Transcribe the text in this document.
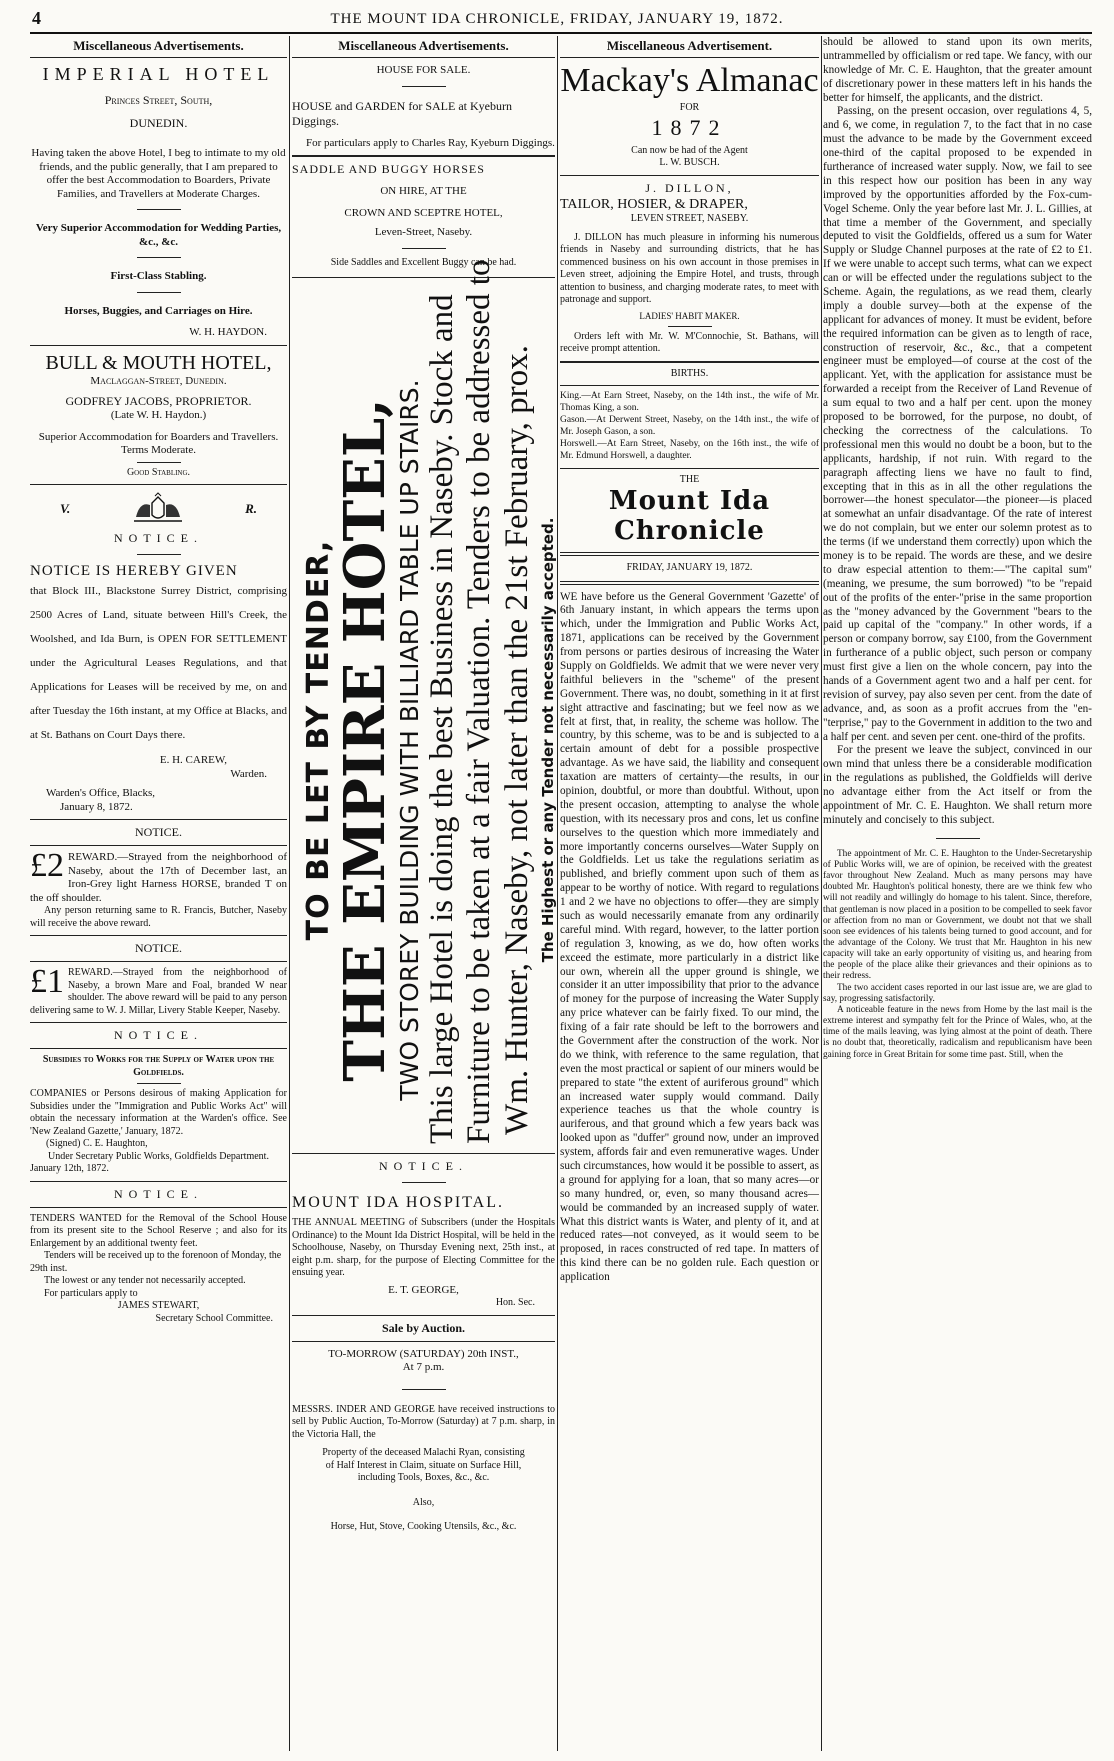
4	THE MOUNT IDA CHRONICLE, FRIDAY, JANUARY 19, 1872.
Miscellaneous Advertisements.
IMPERIAL HOTEL
Princes Street, South,
DUNEDIN.

Having taken the above Hotel, I beg to intimate to my old friends, and the public generally, that I am prepared to offer the best Accommodation to Boarders, Private Families, and Travellers at Moderate Charges.

Very Superior Accommodation for Wedding Parties, &c., &c.

First-Class Stabling.

Horses, Buggies, and Carriages on Hire.

W. H. HAYDON.

BULL & MOUTH HOTEL,
Maclaggan-Street, Dunedin.
GODFREY JACOBS, PROPRIETOR.
(Late W. H. Haydon.)

Superior Accommodation for Boarders and Travellers. Terms Moderate.

Good Stabling.
V.	R.
NOTICE.
NOTICE IS HEREBY GIVEN

that Block III., Blackstone Surrey District, comprising 2500 Acres of Land, situate between Hill's Creek, the Woolshed, and Ida Burn, is OPEN FOR SETTLEMENT under the Agricultural Leases Regulations, and that Applications for Leases will be received by me, on and after Tuesday the 16th instant, at my Office at Blacks, and at St. Bathans on Court Days there.

E. H. CAREW,

Warden.

Warden's Office, Blacks,

January 8, 1872.

NOTICE.

£2 REWARD.—Strayed from the neighborhood of Naseby, about the 17th of December last, an Iron-Grey light Harness HORSE, branded T on the off shoulder.

Any person returning same to R. Francis, Butcher, Naseby will receive the above reward.

NOTICE.

£1 REWARD.—Strayed from the neighborhood of Naseby, a brown Mare and Foal, branded W near shoulder. The above reward will be paid to any person delivering same to W. J. Millar, Livery Stable Keeper, Naseby.

NOTICE.
Subsidies to Works for the Supply of Water upon the Goldfields.

COMPANIES or Persons desirous of making Application for Subsidies under the "Immigration and Public Works Act" will obtain the necessary information at the Warden's office. See 'New Zealand Gazette,' January, 1872.

(Signed) C. E. Haughton,

Under Secretary Public Works, Goldfields Department.

January 12th, 1872.

NOTICE.

TENDERS WANTED for the Removal of the School House from its present site to the School Reserve ; and also for its Enlargement by an additional twenty feet.

Tenders will be received up to the forenoon of Monday, the 29th inst.

The lowest or any tender not necessarily accepted.

For particulars apply to

JAMES STEWART,

Secretary School Committee.

Miscellaneous Advertisements.
HOUSE FOR SALE.

HOUSE and GARDEN for SALE at Kyeburn Diggings.

For particulars apply to Charles Ray, Kyeburn Diggings.

SADDLE AND BUGGY HORSES
ON HIRE, AT THE
CROWN AND SCEPTRE HOTEL,
Leven-Street, Naseby.
Side Saddles and Excellent Buggy can be had.
TO BE LET BY TENDER,
THE EMPIRE HOTEL,
TWO STOREY BUILDING WITH BILLIARD TABLE UP STAIRS. This large Hotel is doing the best Business in Naseby. Stock and Furniture to be taken at a fair Valuation. Tenders to be addressed to Wm. Hunter, Naseby, not later than the 21st February, prox. The Highest or any Tender not necessarily accepted.
NOTICE.
MOUNT IDA HOSPITAL.

THE ANNUAL MEETING of Subscribers (under the Hospitals Ordinance) to the Mount Ida District Hospital, will be held in the Schoolhouse, Naseby, on Thursday Evening next, 25th inst., at eight p.m. sharp, for the purpose of Electing Committee for the ensuing year.

E. T. GEORGE,

Hon. Sec.

Sale by Auction.
TO-MORROW (SATURDAY) 20th INST.,
At 7 p.m.

MESSRS. INDER AND GEORGE have received instructions to sell by Public Auction, To-Morrow (Saturday) at 7 p.m. sharp, in the Victoria Hall, the

Property of the deceased Malachi Ryan, consisting of Half Interest in Claim, situate on Surface Hill, including Tools, Boxes, &c., &c.

Also,

Horse, Hut, Stove, Cooking Utensils, &c., &c.

Miscellaneous Advertisement.
Mackay's Almanac
FOR
1872
Can now be had of the Agent
L. W. BUSCH.
J. DILLON,
TAILOR, HOSIER, & DRAPER,
LEVEN STREET, NASEBY.

J. DILLON has much pleasure in informing his numerous friends in Naseby and surrounding districts, that he has commenced business on his own account in those premises in Leven street, adjoining the Empire Hotel, and trusts, through attention to business, and charging moderate rates, to meet with patronage and support.

LADIES' HABIT MAKER.

Orders left with Mr. W. M'Connochie, St. Bathans, will receive prompt attention.

BIRTHS.

King.—At Earn Street, Naseby, on the 14th inst., the wife of Mr. Thomas King, a son.

Gason.—At Derwent Street, Naseby, on the 14th inst., the wife of Mr. Joseph Gason, a son.

Horswell.—At Earn Street, Naseby, on the 16th inst., the wife of Mr. Edmund Horswell, a daughter.

THE
Mount Ida Chronicle
FRIDAY, JANUARY 19, 1872.

WE have before us the General Government 'Gazette' of 6th January instant, in which appears the terms upon which, under the Immigration and Public Works Act, 1871, applications can be received by the Government from persons or parties desirous of increasing the Water Supply on Goldfields. We admit that we were never very faithful believers in the "scheme" of the present Government. There was, no doubt, something in it at first sight attractive and fascinating; but we feel now as we felt at first, that, in reality, the scheme was hollow. The country, by this scheme, was to be and is subjected to a certain amount of debt for a possible prospective advantage. As we have said, the liability and consequent taxation are matters of certainty—the results, in our opinion, doubtful, or more than doubtful. Without, upon the present occasion, attempting to analyse the whole question, with its necessary pros and cons, let us confine ourselves to the question which more immediately and more importantly concerns ourselves—Water Supply on the Goldfields. Let us take the regulations seriatim as published, and briefly comment upon such of them as appear to be worthy of notice. With regard to regulations 1 and 2 we have no objections to offer—they are simply such as would necessarily emanate from any ordinarily careful mind. With regard, however, to the latter portion of regulation 3, knowing, as we do, how often works exceed the estimate, more particularly in a district like our own, wherein all the upper ground is shingle, we consider it an utter impossibility that prior to the advance of money for the purpose of increasing the Water Supply any price whatever can be fairly fixed. To our mind, the fixing of a fair rate should be left to the borrowers and the Government after the construction of the work. Nor do we think, with reference to the same regulation, that even the most practical or sapient of our miners would be prepared to state "the extent of auriferous ground" which an increased water supply would command. Daily experience teaches us that the whole country is auriferous, and that ground which a few years back was looked upon as "duffer" ground now, under an improved system, affords fair and even remunerative wages. Under such circumstances, how would it be possible to assert, as a ground for applying for a loan, that so many acres—or so many hundred, or, even, so many thousand acres—would be commanded by an increased supply of water. What this district wants is Water, and plenty of it, and at reduced rates—not conveyed, as it would seem to be proposed, in races constructed of red tape. In matters of this kind there can be no golden rule. Each question or application

should be allowed to stand upon its own merits, untrammelled by officialism or red tape. We fancy, with our knowledge of Mr. C. E. Haughton, that the greater amount of discretionary power in these matters left in his hands the better for himself, the applicants, and the district.

Passing, on the present occasion, over regulations 4, 5, and 6, we come, in regulation 7, to the fact that in no case must the advance to be made by the Government exceed one-third of the capital proposed to be expended in furtherance of increased water supply. Now, we fail to see in this respect how our position has been in any way improved by the opportunities afforded by the Fox-cum-Vogel Scheme. Only the year before last Mr. J. L. Gillies, at that time a member of the Government, and specially deputed to visit the Goldfields, offered us a sum for Water Supply or Sludge Channel purposes at the rate of £2 to £1. If we were unable to accept such terms, what can we expect can or will be effected under the regulations subject to the Scheme. Again, the regulations, as we read them, clearly imply a double survey—both at the expense of the applicant for advances of money. It must be evident, before the required information can be given as to length of race, construction of reservoir, &c., &c., that a competent engineer must be employed—of course at the cost of the applicant. Yet, with the application for assistance must be forwarded a receipt from the Receiver of Land Revenue of a sum equal to two and a half per cent. upon the money proposed to be borrowed, for the purpose, no doubt, of checking the correctness of the calculations. To professional men this would no doubt be a boon, but to the applicants, hardship, if not ruin. With regard to the paragraph affecting liens we have no fault to find, excepting that in this as in all the other regulations the borrower—the honest speculator—the pioneer—is placed at somewhat an unfair disadvantage. Of the rate of interest we do not complain, but we enter our solemn protest as to the terms (if we understand them correctly) upon which the money is to be repaid. The words are these, and we desire to draw especial attention to them:—"The capital sum" (meaning, we presume, the sum borrowed) "to be "repaid out of the profits of the enter-"prise in the same proportion as the "money advanced by the Government "bears to the paid up capital of the "company." In other words, if a person or company borrow, say £100, from the Government in furtherance of a public object, such person or company must first give a lien on the whole concern, pay into the hands of a Government agent two and a half per cent. for revision of survey, pay also seven per cent. from the date of advance, and, as soon as a profit accrues from the "en-"terprise," pay to the Government in addition to the two and a half per cent. and seven per cent. one-third of the profits.

For the present we leave the subject, convinced in our own mind that unless there be a considerable modification in the regulations as published, the Goldfields will derive no advantage either from the Act itself or from the appointment of Mr. C. E. Haughton. We shall return more minutely and concisely to this subject.

The appointment of Mr. C. E. Haughton to the Under-Secretaryship of Public Works will, we are of opinion, be received with the greatest favor throughout New Zealand. Much as many persons may have doubted Mr. Haughton's political honesty, there are we think few who will not readily and willingly do homage to his talent. Since, therefore, that gentleman is now placed in a position to be compelled to seek favor or affection from no man or Government, we doubt not that we shall soon see evidences of his talents being turned to good account, and for the advantage of the Colony. We trust that Mr. Haughton in his new capacity will take an early opportunity of visiting us, and hearing from the people of the place alike their grievances and their opinions as to their redress.

The two accident cases reported in our last issue are, we are glad to say, progressing satisfactorily.

A noticeable feature in the news from Home by the last mail is the extreme interest and sympathy felt for the Prince of Wales, who, at the time of the mails leaving, was lying almost at the point of death. There is no doubt that, theoretically, radicalism and republicanism have been gaining force in Great Britain for some time past. Still, when the
